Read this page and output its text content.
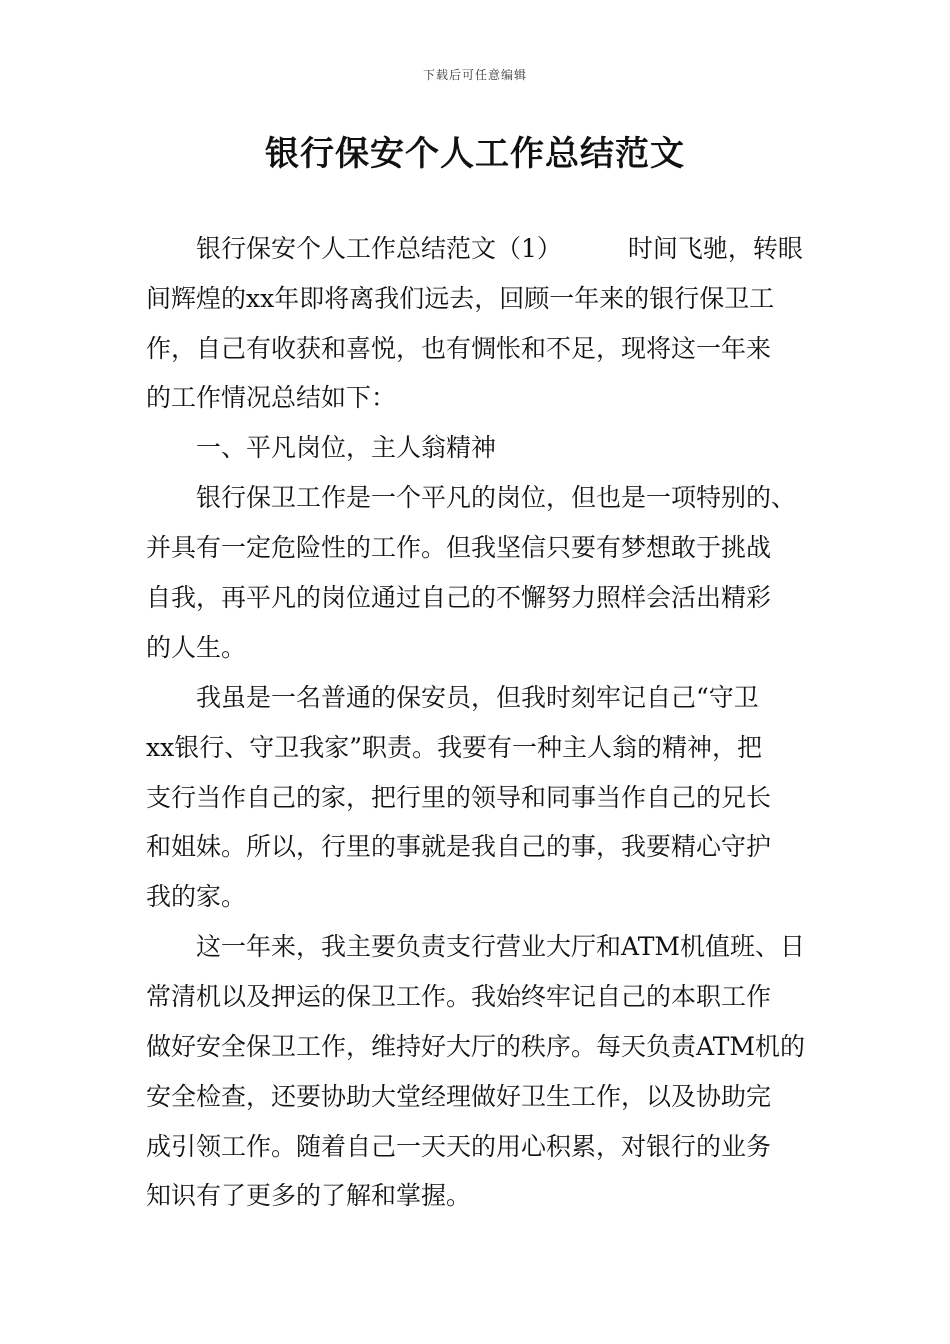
下载后可任意编辑
银行保安个人工作总结范文
银行保安个人工作总结范文（1）	时间飞驰，转眼
间辉煌的xx年即将离我们远去，回顾一年来的银行保卫工
作，自己有收获和喜悦，也有惆怅和不足，现将这一年来
的工作情况总结如下：
一、平凡岗位，主人翁精神
银行保卫工作是一个平凡的岗位，但也是一项特别的、
并具有一定危险性的工作。但我坚信只要有梦想敢于挑战
自我，再平凡的岗位通过自己的不懈努力照样会活出精彩
的人生。
我虽是一名普通的保安员，但我时刻牢记自己“守卫
xx银行、守卫我家”职责。我要有一种主人翁的精神，把
支行当作自己的家，把行里的领导和同事当作自己的兄长
和姐妹。所以，行里的事就是我自己的事，我要精心守护
我的家。
这一年来，我主要负责支行营业大厅和ATM机值班、日
常清机以及押运的保卫工作。我始终牢记自己的本职工作
做好安全保卫工作，维持好大厅的秩序。每天负责ATM机的
安全检查，还要协助大堂经理做好卫生工作，以及协助完
成引领工作。随着自己一天天的用心积累，对银行的业务
知识有了更多的了解和掌握。
